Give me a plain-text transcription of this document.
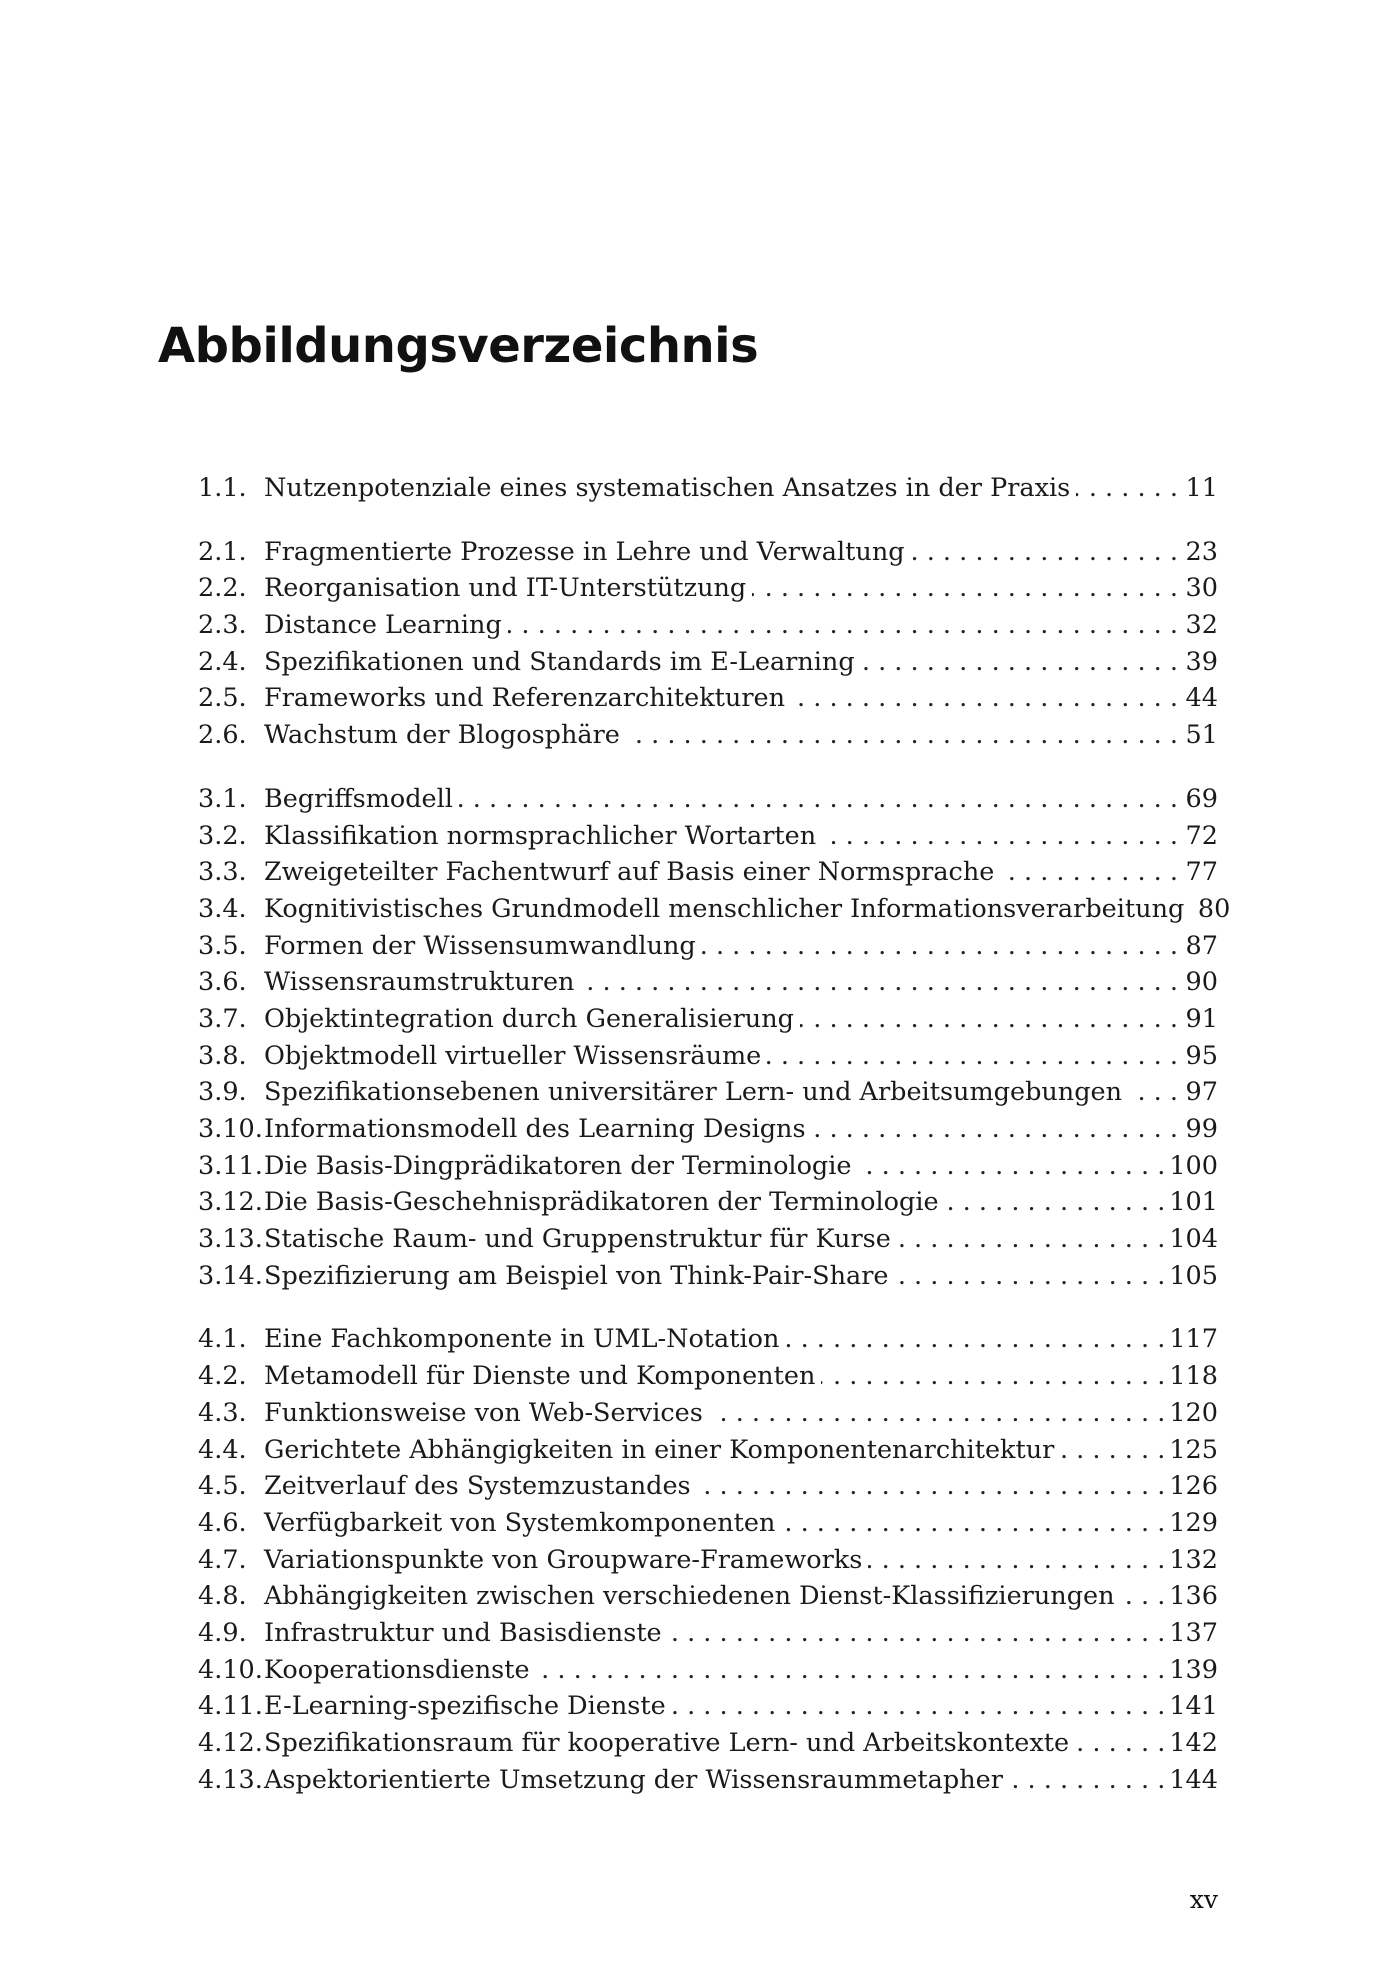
Abbildungsverzeichnis
1.1. Nutzenpotenziale eines systematischen Ansatzes in der Praxis . . .	11
2.1. Fragmentierte Prozesse in Lehre und Verwaltung . . .	23
2.2. Reorganisation und IT-Unterstützung . . .	30
2.3. Distance Learning . . .	32
2.4. Spezifikationen und Standards im E-Learning . . .	39
2.5. Frameworks und Referenzarchitekturen . . .	44
2.6. Wachstum der Blogosphäre . . .	51
3.1. Begriffsmodell . . .	69
3.2. Klassifikation normsprachlicher Wortarten . . .	72
3.3. Zweigeteilter Fachentwurf auf Basis einer Normsprache . . .	77
3.4. Kognitivistisches Grundmodell menschlicher Informationsverarbeitung 80
3.5. Formen der Wissensumwandlung . . .	87
3.6. Wissensraumstrukturen . . .	90
3.7. Objektintegration durch Generalisierung . . .	91
3.8. Objektmodell virtueller Wissensräume . . .	95
3.9. Spezifikationsebenen universitärer Lern- und Arbeitsumgebungen . . . 97
3.10. Informationsmodell des Learning Designs . . .	99
3.11. Die Basis-Dingprädikatoren der Terminologie . . .	100
3.12. Die Basis-Geschehnisprädikatoren der Terminologie . . .	101
3.13. Statische Raum- und Gruppenstruktur für Kurse . . .	104
3.14. Spezifizierung am Beispiel von Think-Pair-Share . . .	105
4.1. Eine Fachkomponente in UML-Notation . . .	117
4.2. Metamodell für Dienste und Komponenten . . .	118
4.3. Funktionsweise von Web-Services . . .	120
4.4. Gerichtete Abhängigkeiten in einer Komponentenarchitektur . . .	125
4.5. Zeitverlauf des Systemzustandes . . .	126
4.6. Verfügbarkeit von Systemkomponenten . . .	129
4.7. Variationspunkte von Groupware-Frameworks . . .	132
4.8. Abhängigkeiten zwischen verschiedenen Dienst-Klassifizierungen . . . 136
4.9. Infrastruktur und Basisdienste . . .	137
4.10. Kooperationsdienste . . .	139
4.11. E-Learning-spezifische Dienste . . .	141
4.12. Spezifikationsraum für kooperative Lern- und Arbeitskontexte . . .	142
4.13. Aspektorientierte Umsetzung der Wissensraummetapher . . .	144
xv
